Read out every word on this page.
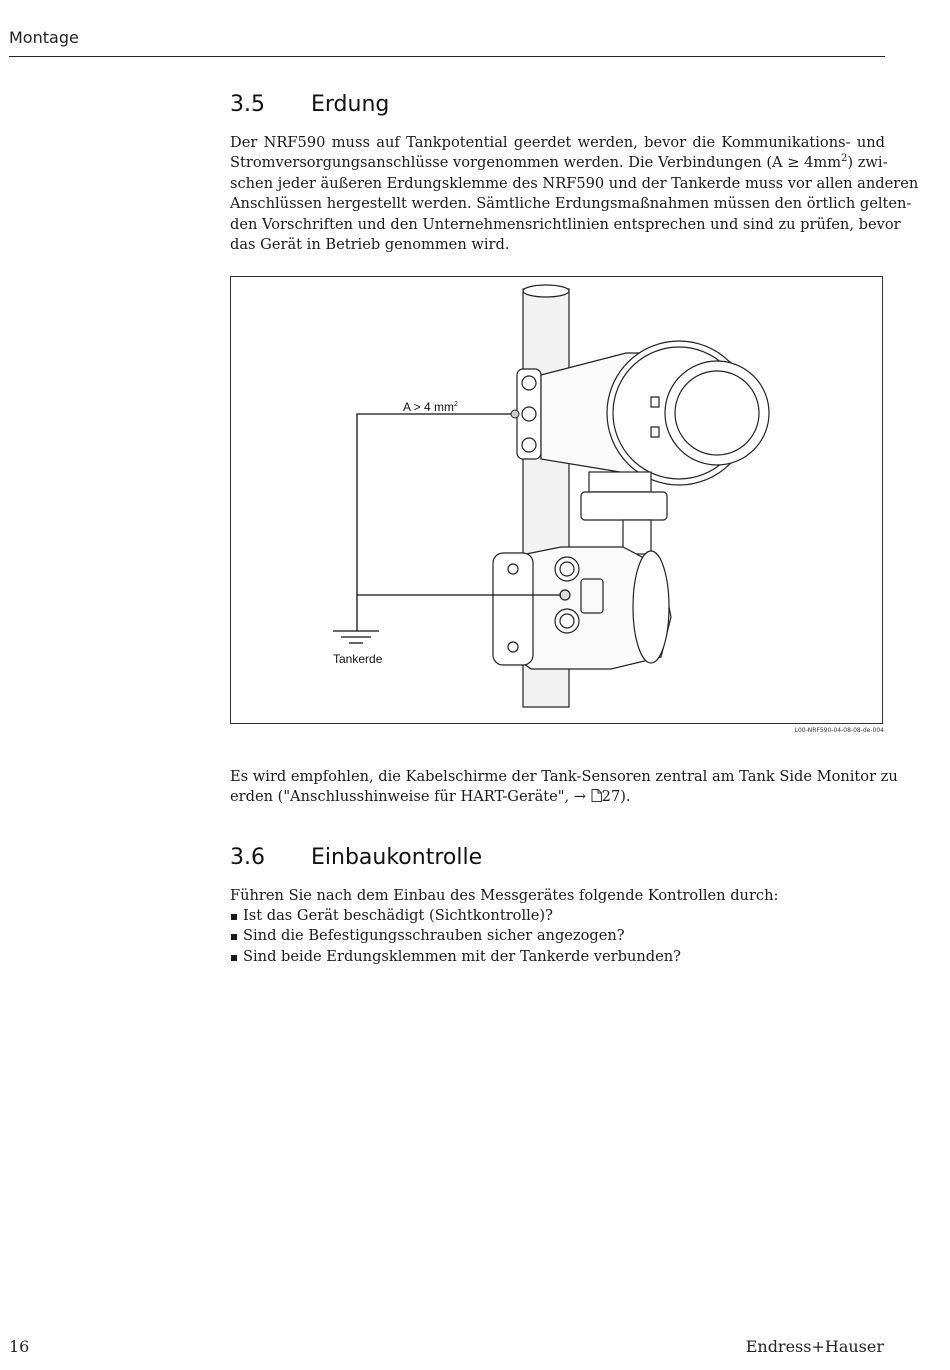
Montage
3.5 Erdung
Der NRF590 muss auf Tankpotential geerdet werden, bevor die Kommunikations- und
Stromversorgungsanschlüsse vorgenommen werden. Die Verbindungen $(A \ge 4mm^2)$ zwi-
schen jeder äußeren Erdungsklemme des NRF590 und der Tankerde muss vor allen anderen
Anschlüssen hergestellt werden. Sämtliche Erdungsmaßnahmen müssen den örtlich gelten-
den Vorschriften und den Unternehmensrichtlinien entsprechen und sind zu prüfen, bevor
das Gerät in Betrieb genommen wird.
A > 4 $mm^2$
Tankerde
L00-NRF590-04-08-08-de-004
Es wird empfohlen, die Kabelschirme der Tank-Sensoren zentral am Tank Side Monitor zu
erden ("Anschlusshinweise für HART-Geräte", → 27).
3.6 Einbaukontrolle
Führen Sie nach dem Einbau des Messgerätes folgende Kontrollen durch:
Ist das Gerät beschädigt (Sichtkontrolle)?
Sind die Befestigungsschrauben sicher angezogen?
Sind beide Erdungsklemmen mit der Tankerde verbunden?
16	Endress+Hauser
